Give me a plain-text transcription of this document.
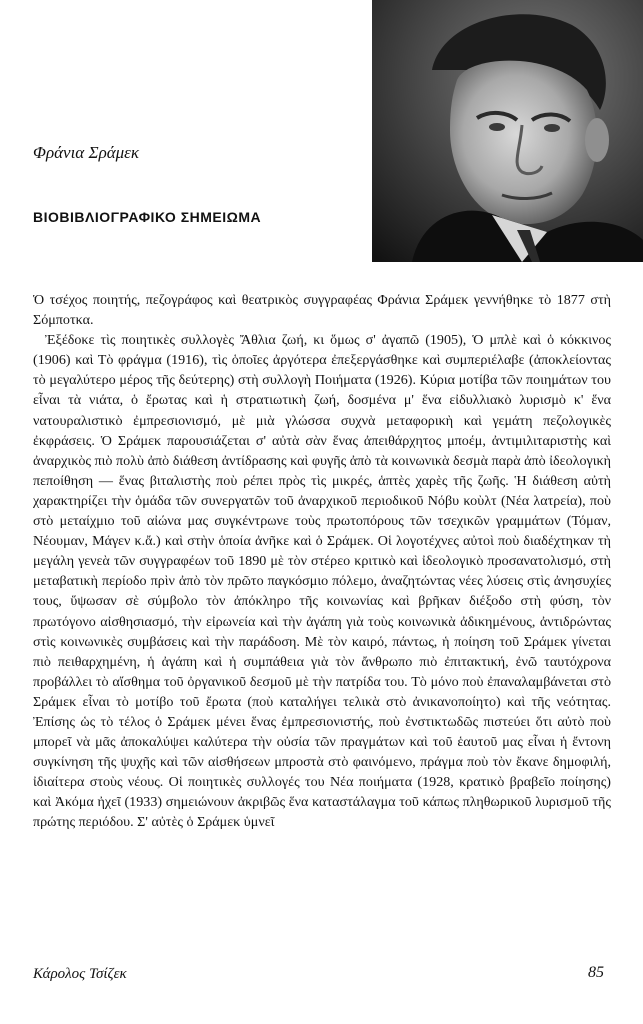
Φράνια Σράμεκ
ΒΙΟΒΙΒΛΙΟΓΡΑΦΙΚΟ ΣΗΜΕΙΩΜΑ

Ὁ τσέχος ποιητής, πεζογράφος καὶ θεατρικὸς συγγραφέας Φράνια Σράμεκ γεννήθηκε τὸ 1877 στὴ Σόμποτκα.

Ἐξέδοκε τὶς ποιητικὲς συλλογὲς Ἄθλια ζωή, κι ὅμως σ' ἀγαπῶ (1905), Ὁ μπλὲ καὶ ὁ κόκκινος (1906) καὶ Τὸ φράγμα (1916), τὶς ὁποῖες ἀργότερα ἐπεξεργάσθηκε καὶ συμπεριέλαβε (ἀποκλείοντας τὸ μεγαλύτερο μέρος τῆς δεύτερης) στὴ συλλογὴ Ποιήματα (1926). Κύρια μοτίβα τῶν ποιημάτων του εἶναι τὰ νιάτα, ὁ ἔρωτας καὶ ἡ στρατιωτικὴ ζωή, δοσμένα μ' ἕνα εἰδυλλιακὸ λυρισμὸ κ' ἕνα νατουραλιστικὸ ἐμπρεσιονισμό, μὲ μιὰ γλώσσα συχνὰ μεταφορικὴ καὶ γεμάτη πεζολογικὲς ἐκφράσεις. Ὁ Σράμεκ παρουσιάζεται σ' αὐτὰ σὰν ἕνας ἀπειθάρχητος μποέμ, ἀντιμιλιταριστὴς καὶ ἀναρχικὸς πιὸ πολὺ ἀπὸ διάθεση ἀντίδρασης καὶ φυγῆς ἀπὸ τὰ κοινωνικὰ δεσμὰ παρὰ ἀπὸ ἰδεολογικὴ πεποίθηση — ἕνας βιταλιστὴς ποὺ ρέπει πρὸς τὶς μικρές, ἁπτὲς χαρὲς τῆς ζωῆς. Ἡ διάθεση αὐτὴ χαρακτηρίζει τὴν ὁμάδα τῶν συνεργατῶν τοῦ ἀναρχικοῦ περιοδικοῦ Νόβυ κοὺλτ (Νέα λατρεία), ποὺ στὸ μεταίχμιο τοῦ αἰώνα μας συγκέντρωνε τοὺς πρωτοπόρους τῶν τσεχικῶν γραμμάτων (Τόμαν, Νέουμαν, Μάγεν κ.ἄ.) καὶ στὴν ὁποία ἀνῆκε καὶ ὁ Σράμεκ. Οἱ λογοτέχνες αὐτοὶ ποὺ διαδέχτηκαν τὴ μεγάλη γενεὰ τῶν συγγραφέων τοῦ 1890 μὲ τὸν στέρεο κριτικὸ καὶ ἰδεολογικὸ προσανατολισμό, στὴ μεταβατικὴ περίοδο πρὶν ἀπὸ τὸν πρῶτο παγκόσμιο πόλεμο, ἀναζητώντας νέες λύσεις στὶς ἀνησυχίες τους, ὕψωσαν σὲ σύμβολο τὸν ἀπόκληρο τῆς κοινωνίας καὶ βρῆκαν διέξοδο στὴ φύση, τὸν πρωτόγονο αἰσθησιασμό, τὴν εἰρωνεία καὶ τὴν ἀγάπη γιὰ τοὺς κοινωνικὰ ἀδικημένους, ἀντιδρώντας στὶς κοινωνικὲς συμβάσεις καὶ τὴν παράδοση. Μὲ τὸν καιρό, πάντως, ἡ ποίηση τοῦ Σράμεκ γίνεται πιὸ πειθαρχημένη, ἡ ἀγάπη καὶ ἡ συμπάθεια γιὰ τὸν ἄνθρωπο πιὸ ἐπιτακτική, ἐνῶ ταυτόχρονα προβάλλει τὸ αἴσθημα τοῦ ὀργανικοῦ δεσμοῦ μὲ τὴν πατρίδα του. Τὸ μόνο ποὺ ἐπαναλαμβάνεται στὸ Σράμεκ εἶναι τὸ μοτίβο τοῦ ἔρωτα (ποὺ καταλήγει τελικὰ στὸ ἀνικανοποίητο) καὶ τῆς νεότητας. Ἐπίσης ὡς τὸ τέλος ὁ Σράμεκ μένει ἕνας ἐμπρεσιονιστής, ποὺ ἐνστικτωδῶς πιστεύει ὅτι αὐτὸ ποὺ μπορεῖ νὰ μᾶς ἀποκαλύψει καλύτερα τὴν οὐσία τῶν πραγμάτων καὶ τοῦ ἑαυτοῦ μας εἶναι ἡ ἔντονη συγκίνηση τῆς ψυχῆς καὶ τῶν αἰσθήσεων μπροστὰ στὸ φαινόμενο, πράγμα ποὺ τὸν ἔκανε δημοφιλή, ἰδιαίτερα στοὺς νέους. Οἱ ποιητικὲς συλλογές του Νέα ποιήματα (1928, κρατικὸ βραβεῖο ποίησης) καὶ Ἀκόμα ἠχεῖ (1933) σημειώνουν ἀκριβῶς ἕνα καταστάλαγμα τοῦ κάπως πληθωρικοῦ λυρισμοῦ τῆς πρώτης περιόδου. Σ' αὐτὲς ὁ Σράμεκ ὑμνεῖ

Κάρολος Τσίζεκ	85
